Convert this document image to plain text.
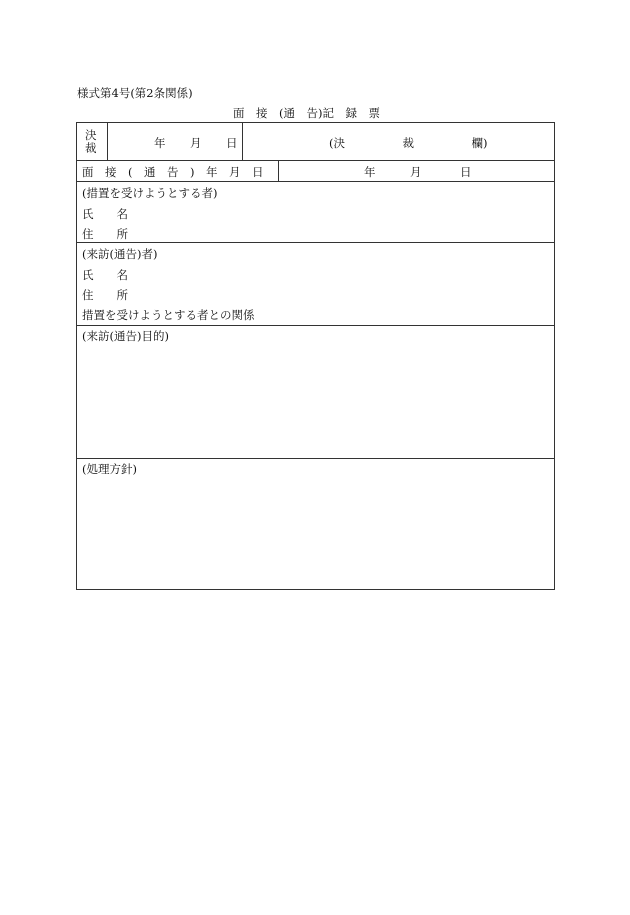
様式第4号(第2条関係)
面　接　(通　告)記　録　票
決
裁	年 月 日	(決　　　　　裁　　　　　欄)
面　接　(　通　告　)　年　月　日	年	月	日
(措置を受けようとする者)
氏　　名
住　　所
(来訪(通告)者)
氏　　名
住　　所
措置を受けようとする者との関係
(来訪(通告)目的)
(処理方針)
